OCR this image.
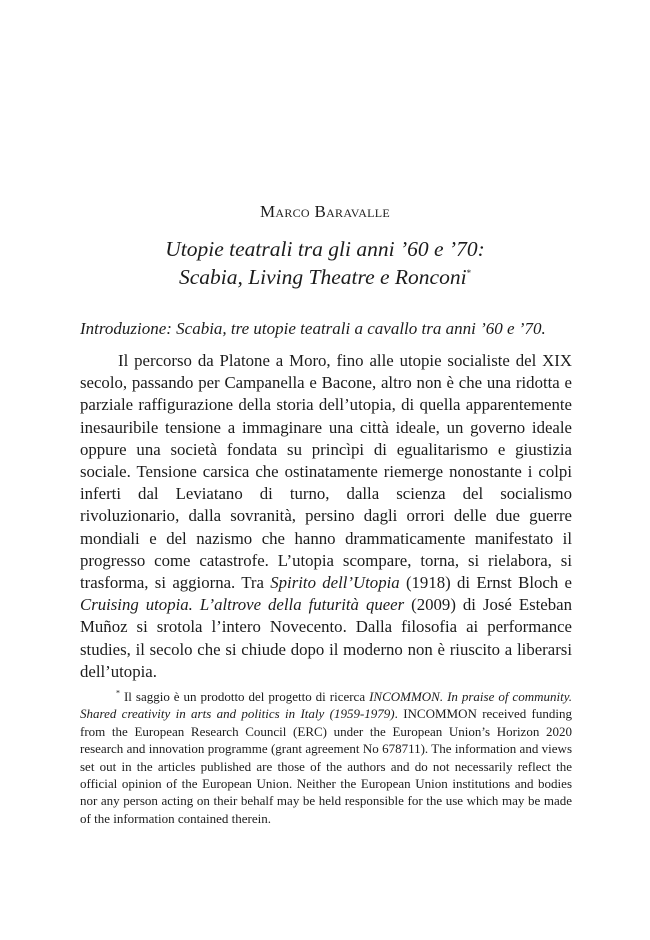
Marco Baravalle

Utopie teatrali tra gli anni ’60 e ’70:
Scabia, Living Theatre e Ronconi*
Introduzione: Scabia, tre utopie teatrali a cavallo tra anni ’60 e ’70.

Il percorso da Platone a Moro, fino alle utopie socialiste del XIX secolo, passando per Campanella e Bacone, altro non è che una ridotta e parziale raffigurazione della storia dell’utopia, di quella apparentemente inesauribile tensione a immaginare una città ideale, un governo ideale oppure una società fondata su princìpi di egualitarismo e giustizia sociale. Tensione carsica che ostinatamente riemerge nonostante i colpi inferti dal Leviatano di turno, dalla scienza del socialismo rivoluzionario, dalla sovranità, persino dagli orrori delle due guerre mondiali e del nazismo che hanno drammaticamente manifestato il progresso come catastrofe. L’utopia scompare, torna, si rielabora, si trasforma, si aggiorna. Tra Spirito dell’Utopia (1918) di Ernst Bloch e Cruising utopia. L’altrove della futurità queer (2009) di José Esteban Muñoz si srotola l’intero Novecento. Dalla filosofia ai performance studies, il secolo che si chiude dopo il moderno non è riuscito a liberarsi dell’utopia.

* Il saggio è un prodotto del progetto di ricerca INCOMMON. In praise of community. Shared creativity in arts and politics in Italy (1959-1979). INCOMMON received funding from the European Research Council (ERC) under the European Union’s Horizon 2020 research and innovation programme (grant agreement No 678711). The information and views set out in the articles published are those of the authors and do not necessarily reflect the official opinion of the European Union. Neither the European Union institutions and bodies nor any person acting on their behalf may be held responsible for the use which may be made of the information contained therein.
